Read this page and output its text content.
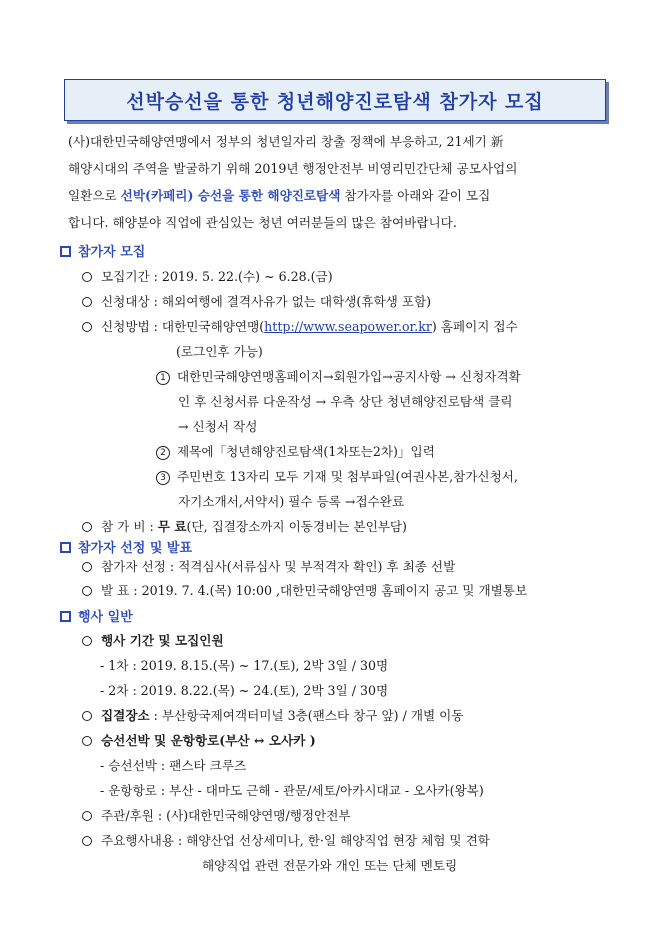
선박승선을 통한 청년해양진로탐색 참가자 모집
(사)대한민국해양연맹에서 정부의 청년일자리 창출 정책에 부응하고, 21세기 新
해양시대의 주역을 발굴하기 위해 2019년 행정안전부 비영리민간단체 공모사업의
일환으로 선박(카페리) 승선을 통한 해양진로탐색 참가자를 아래와 같이 모집
합니다. 해양분야 직업에 관심있는 청년 여러분들의 많은 참여바랍니다.
참가자 모집
모집기간 : 2019. 5. 22.(수) ~ 6.28.(금)
신청대상 : 해외여행에 결격사유가 없는 대학생(휴학생 포함)
신청방법 : 대한민국해양연맹(http://www.seapower.or.kr) 홈페이지 접수
(로그인후 가능)
1 대한민국해양연맹홈페이지→회원가입→공지사항 → 신청자격확
인 후 신청서류 다운작성 → 우측 상단 청년해양진로탐색 클릭
→ 신청서 작성
2 제목에「청년해양진로탐색(1차또는2차)」입력
3 주민번호 13자리 모두 기재 및 첨부파일(여권사본,참가신청서,
자기소개서,서약서) 필수 등록 →접수완료
참 가 비 : 무 료(단, 집결장소까지 이동경비는 본인부담)
참가자 선정 및 발표
참가자 선정 : 적격심사(서류심사 및 부적격자 확인) 후 최종 선발
발 표 : 2019. 7. 4.(목) 10:00 ,대한민국해양연맹 홈페이지 공고 및 개별통보
행사 일반
행사 기간 및 모집인원
- 1차 : 2019. 8.15.(목) ~ 17.(토), 2박 3일 / 30명
- 2차 : 2019. 8.22.(목) ~ 24.(토), 2박 3일 / 30명
집결장소 : 부산항국제여객터미널 3층(팬스타 창구 앞) / 개별 이동
승선선박 및 운항항로(부산 ↔ 오사카 )
- 승선선박 : 팬스타 크루즈
- 운항항로 : 부산 - 대마도 근해 - 관문/세토/아카시대교 - 오사카(왕복)
주관/후원 : (사)대한민국해양연맹/행정안전부
주요행사내용 : 해양산업 선상세미나, 한·일 해양직업 현장 체험 및 견학
해양직업 관련 전문가와 개인 또는 단체 멘토링
